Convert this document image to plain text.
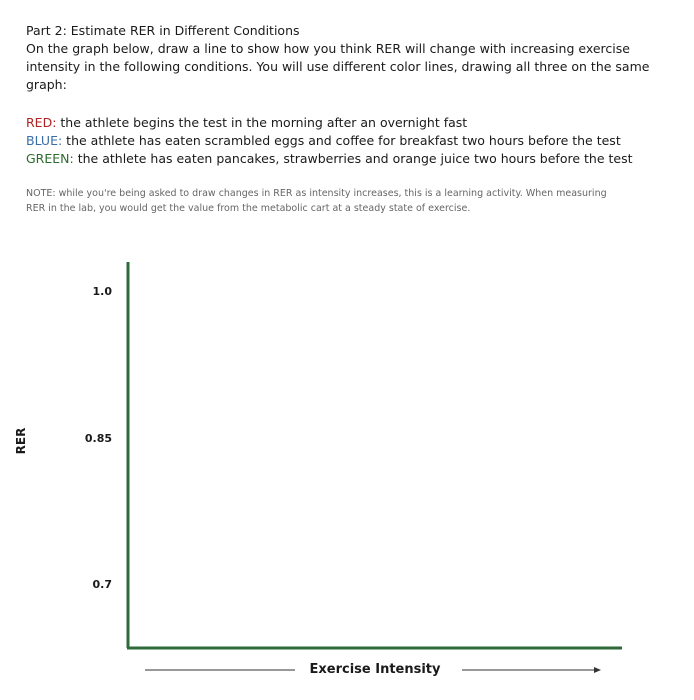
Part 2: Estimate RER in Different Conditions
On the graph below, draw a line to show how you think RER will change with increasing exercise intensity in the following conditions. You will use different color lines, drawing all three on the same graph:
RED: the athlete begins the test in the morning after an overnight fast
BLUE: the athlete has eaten scrambled eggs and coffee for breakfast two hours before the test
GREEN: the athlete has eaten pancakes, strawberries and orange juice two hours before the test
NOTE: while you're being asked to draw changes in RER as intensity increases, this is a learning activity. When measuring RER in the lab, you would get the value from the metabolic cart at a steady state of exercise.
1.0
0.85
0.7
RER
Exercise Intensity
